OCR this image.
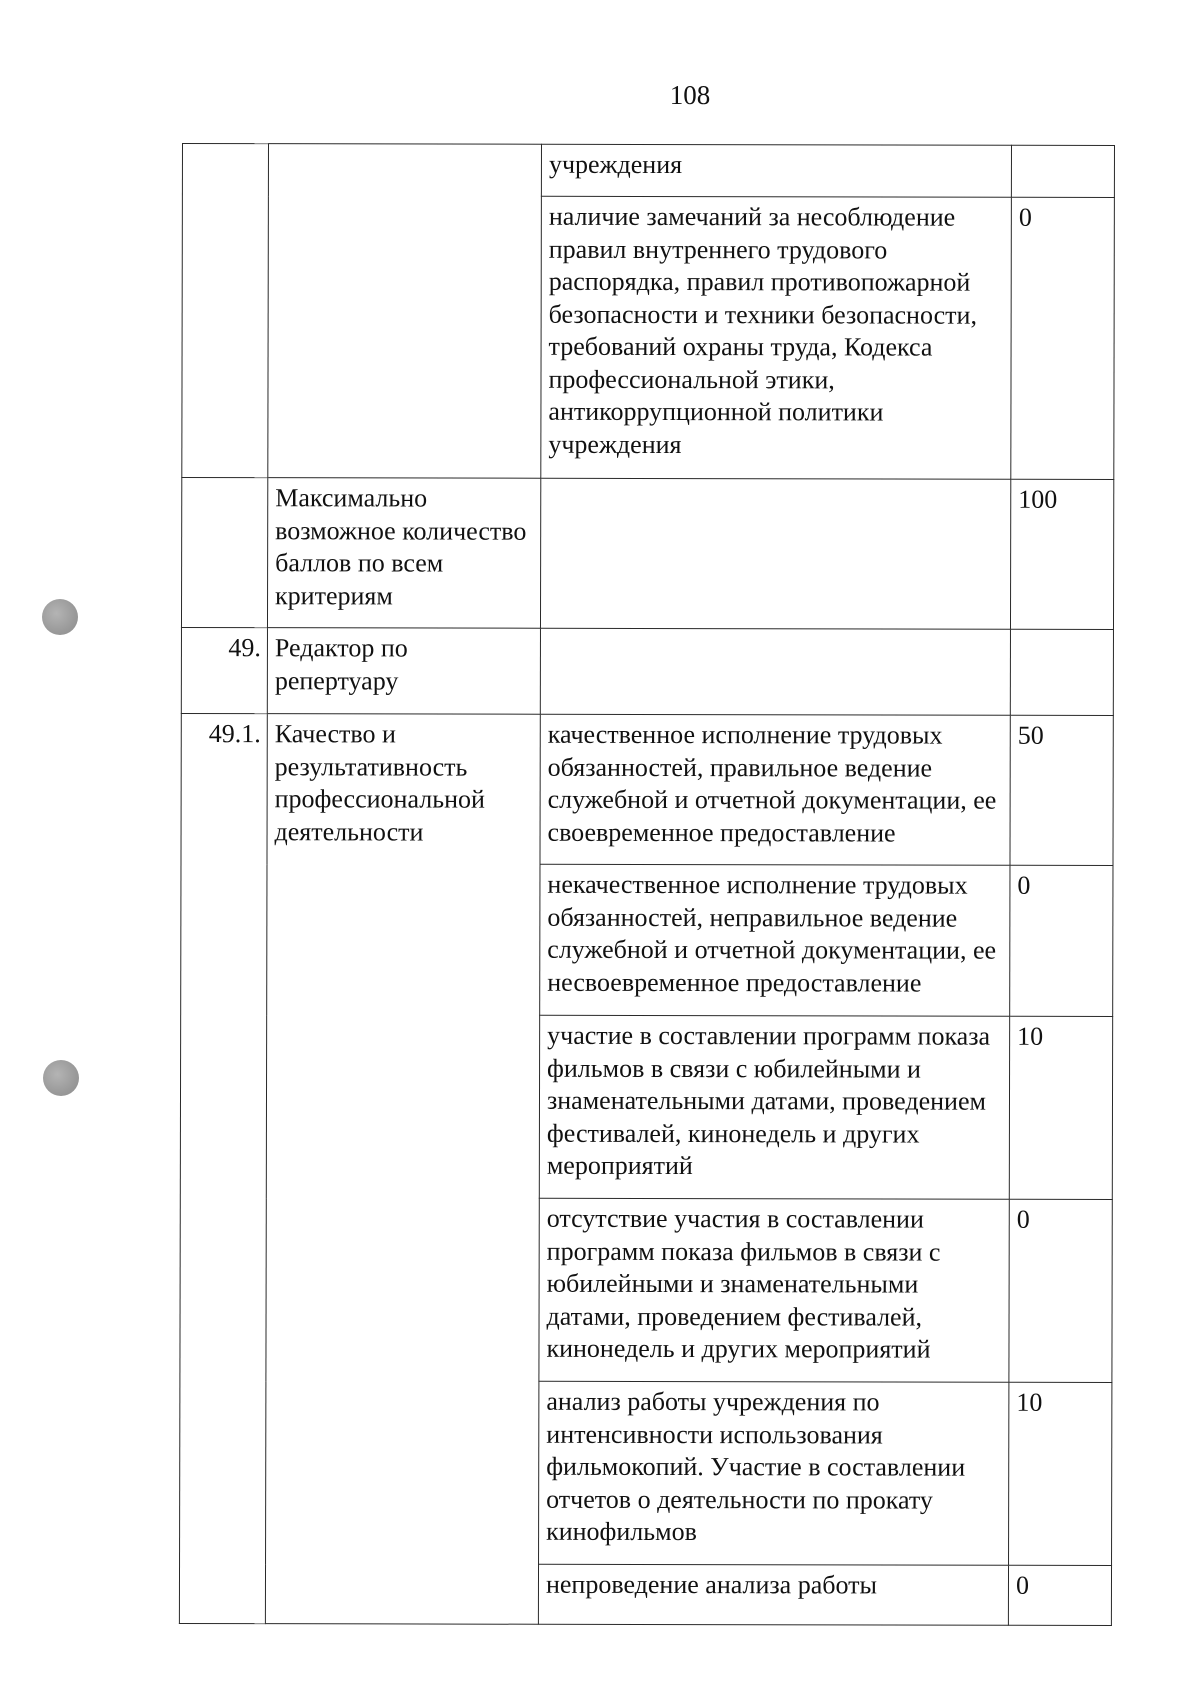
108

		учреждения	

		наличие замечаний за несоблюдение правил внутреннего трудового распорядка, правил противопожарной безопасности и техники безопасности, требований охраны труда, Кодекса профессиональной этики, антикоррупционной политики учреждения	0

	Максимально возможное количество баллов по всем критериям		100

49.	Редактор по репертуару		

49.1.	Качество и результативность профессиональной деятельности	качественное исполнение трудовых обязанностей, правильное ведение служебной и отчетной документации, ее своевременное предоставление	50

		некачественное исполнение трудовых обязанностей, неправильное ведение служебной и отчетной документации, ее несвоевременное предоставление	0

		участие в составлении программ показа фильмов в связи с юбилейными и знаменательными датами, проведением фестивалей, кинонедель и других мероприятий	10

		отсутствие участия в составлении программ показа фильмов в связи с юбилейными и знаменательными датами, проведением фестивалей, кинонедель и других мероприятий	0

		анализ работы учреждения по интенсивности использования фильмокопий. Участие в составлении отчетов о деятельности по прокату кинофильмов	10

		непроведение анализа работы	0
